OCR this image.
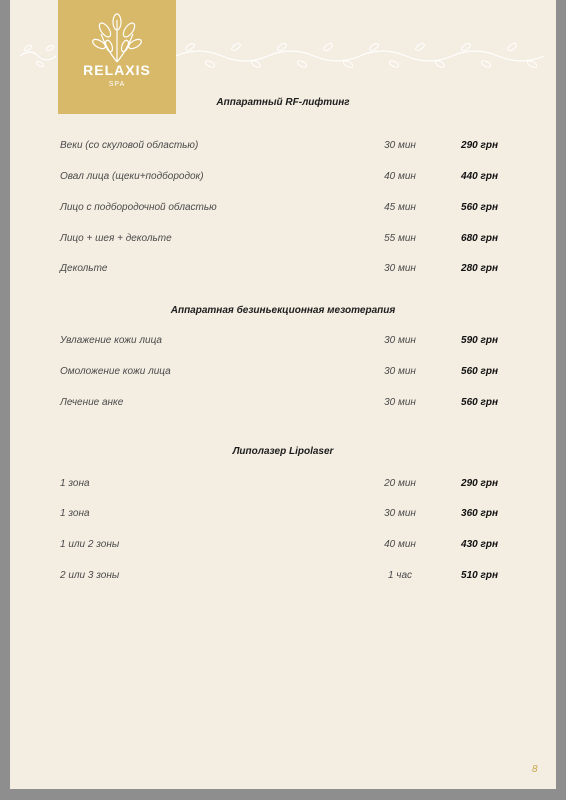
RELAXIS
SPA
Аппаратный RF-лифтинг
Веки (со скуловой областью)	30 мин	290 грн
Овал лица (щеки+подбородок)	40 мин	440 грн
Лицо с подбородочной областью	45 мин	560 грн
Лицо + шея + декольте	55 мин	680 грн
Декольте	30 мин	280 грн
Аппаратная безиньекционная мезотерапия
Увлажение кожи лица	30 мин	590 грн
Омоложение кожи лица	30 мин	560 грн
Лечение анке	30 мин	560 грн
Липолазер Lipolaser
1 зона	20 мин	290 грн
1 зона	30 мин	360 грн
1 или 2 зоны	40 мин	430 грн
2 или 3 зоны	1 час	510 грн
8
